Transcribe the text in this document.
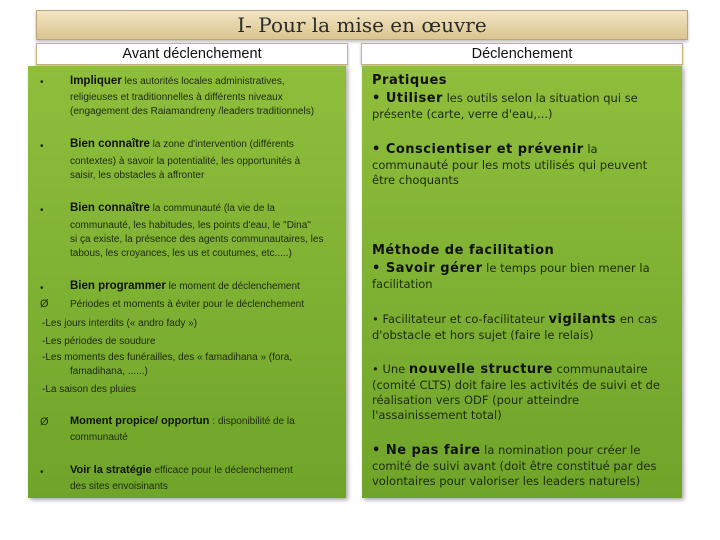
I- Pour la mise en œuvre
Avant déclenchement	Déclenchement
• Impliquer les autorités locales administratives,
religieuses et traditionnelles à différents niveaux
(engagement des Raiamandreny /leaders traditionnels)
• Bien connaître la zone d'intervention (différents
contextes) à savoir la potentialité, les opportunités à
saisir, les obstacles à affronter
• Bien connaître la communauté (la vie de la
communauté, les habitudes, les points d'eau, le "Dina"
si ça existe, la présence des agents communautaires, les
tabous, les croyances, les us et coutumes, etc.....)
• Bien programmer le moment de déclenchement
Ø Périodes et moments à éviter pour le déclenchement
-Les jours interdits (« andro fady »)
-Les périodes de soudure
-Les moments des funérailles, des « famadihana » (fora,
famadihana, ......)
-La saison des pluies
Ø Moment propice/ opportun : disponibilité de la
communauté
• Voir la stratégie efficace pour le déclenchement
des sites envoisinants
Pratiques
• Utiliser les outils selon la situation qui se
présente (carte, verre d'eau,...)
• Conscientiser et prévenir la
communauté pour les mots utilisés qui peuvent
être choquants
Méthode de facilitation
• Savoir gérer le temps pour bien mener la
facilitation
• Facilitateur et co-facilitateur vigilants en cas
d'obstacle et hors sujet (faire le relais)
• Une nouvelle structure communautaire
(comité CLTS) doit faire les activités de suivi et de
réalisation vers ODF (pour atteindre
l'assainissement total)
• Ne pas faire la nomination pour créer le
comité de suivi avant (doit être constitué par des
volontaires pour valoriser les leaders naturels)
